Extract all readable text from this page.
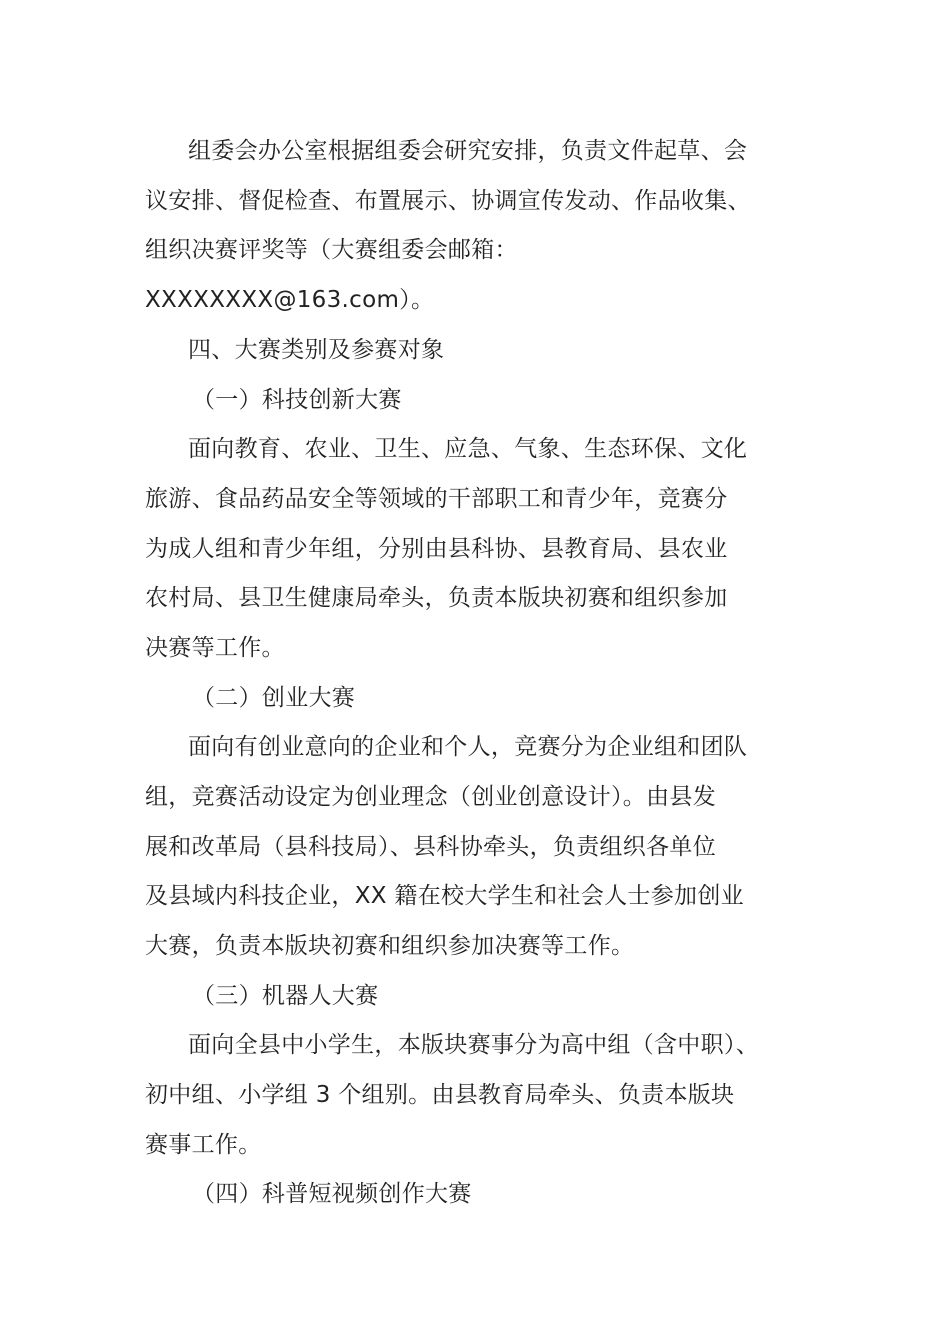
组委会办公室根据组委会研究安排，负责文件起草、会
议安排、督促检查、布置展示、协调宣传发动、作品收集、
组织决赛评奖等（大赛组委会邮箱：
XXXXXXXX@163.com）。
四、大赛类别及参赛对象
（一）科技创新大赛
面向教育、农业、卫生、应急、气象、生态环保、文化
旅游、食品药品安全等领域的干部职工和青少年，竞赛分
为成人组和青少年组，分别由县科协、县教育局、县农业
农村局、县卫生健康局牵头，负责本版块初赛和组织参加
决赛等工作。
（二）创业大赛
面向有创业意向的企业和个人，竞赛分为企业组和团队
组，竞赛活动设定为创业理念（创业创意设计）。由县发
展和改革局（县科技局）、县科协牵头，负责组织各单位
及县域内科技企业，XX 籍在校大学生和社会人士参加创业
大赛，负责本版块初赛和组织参加决赛等工作。
（三）机器人大赛
面向全县中小学生，本版块赛事分为高中组（含中职）、
初中组、小学组 3 个组别。由县教育局牵头、负责本版块
赛事工作。
（四）科普短视频创作大赛
